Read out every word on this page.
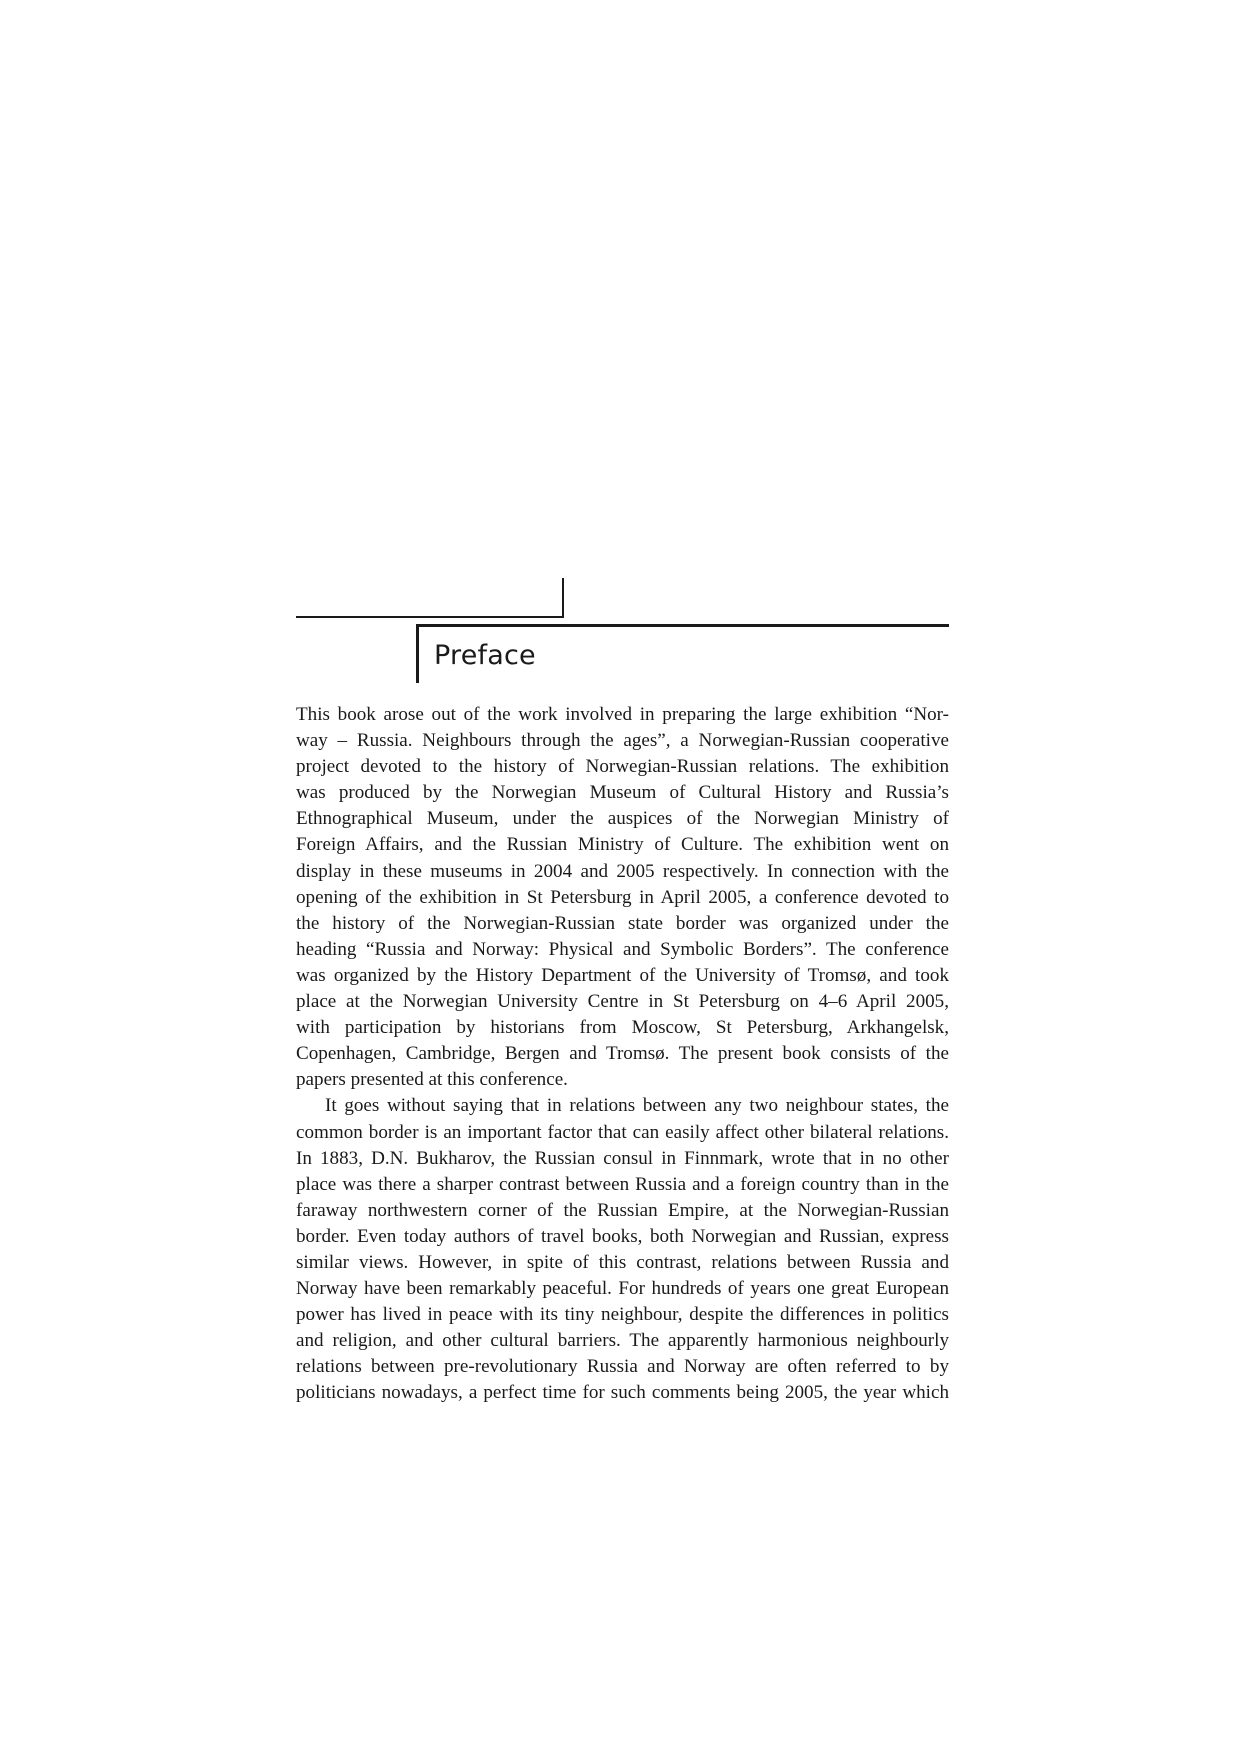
Preface
This book arose out of the work involved in preparing the large exhibition “Nor-
way – Russia. Neighbours through the ages”, a Norwegian-Russian cooperative
project devoted to the history of Norwegian-Russian relations. The exhibition
was produced by the Norwegian Museum of Cultural History and Russia’s
Ethnographical Museum, under the auspices of the Norwegian Ministry of
Foreign Affairs, and the Russian Ministry of Culture. The exhibition went on
display in these museums in 2004 and 2005 respectively. In connection with the
opening of the exhibition in St Petersburg in April 2005, a conference devoted to
the history of the Norwegian-Russian state border was organized under the
heading “Russia and Norway: Physical and Symbolic Borders”. The conference
was organized by the History Department of the University of Tromsø, and took
place at the Norwegian University Centre in St Petersburg on 4–6 April 2005,
with participation by historians from Moscow, St Petersburg, Arkhangelsk,
Copenhagen, Cambridge, Bergen and Tromsø. The present book consists of the
papers presented at this conference.
It goes without saying that in relations between any two neighbour states, the
common border is an important factor that can easily affect other bilateral relations.
In 1883, D.N. Bukharov, the Russian consul in Finnmark, wrote that in no other
place was there a sharper contrast between Russia and a foreign country than in the
faraway northwestern corner of the Russian Empire, at the Norwegian-Russian
border. Even today authors of travel books, both Norwegian and Russian, express
similar views. However, in spite of this contrast, relations between Russia and
Norway have been remarkably peaceful. For hundreds of years one great European
power has lived in peace with its tiny neighbour, despite the differences in politics
and religion, and other cultural barriers. The apparently harmonious neighbourly
relations between pre-revolutionary Russia and Norway are often referred to by
politicians nowadays, a perfect time for such comments being 2005, the year which
